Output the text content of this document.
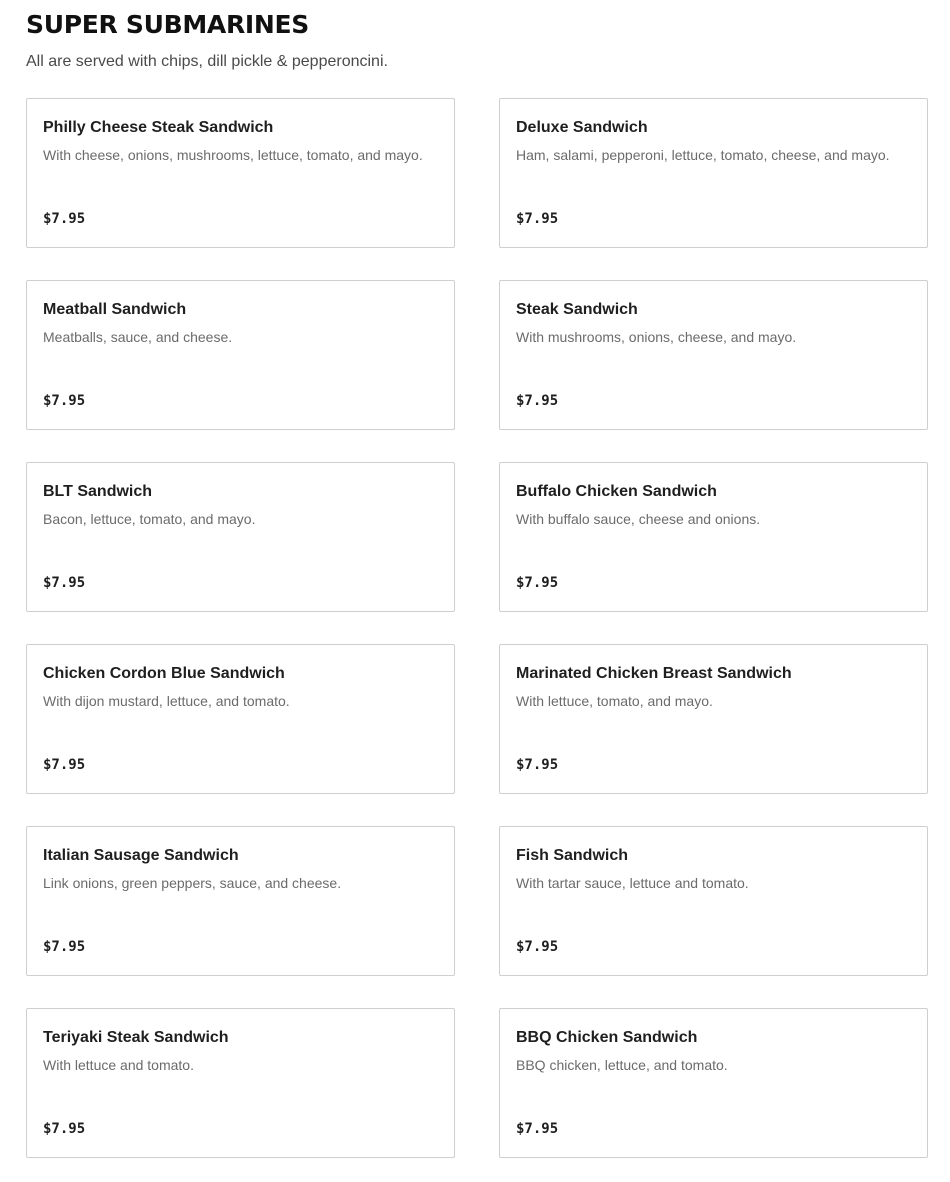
SUPER SUBMARINES

All are served with chips, dill pickle & pepperoncini.

Philly Cheese Steak Sandwich
With cheese, onions, mushrooms, lettuce, tomato, and mayo.
$7.95
Deluxe Sandwich
Ham, salami, pepperoni, lettuce, tomato, cheese, and mayo.
$7.95
Meatball Sandwich
Meatballs, sauce, and cheese.
$7.95
Steak Sandwich
With mushrooms, onions, cheese, and mayo.
$7.95
BLT Sandwich
Bacon, lettuce, tomato, and mayo.
$7.95
Buffalo Chicken Sandwich
With buffalo sauce, cheese and onions.
$7.95
Chicken Cordon Blue Sandwich
With dijon mustard, lettuce, and tomato.
$7.95
Marinated Chicken Breast Sandwich
With lettuce, tomato, and mayo.
$7.95
Italian Sausage Sandwich
Link onions, green peppers, sauce, and cheese.
$7.95
Fish Sandwich
With tartar sauce, lettuce and tomato.
$7.95
Teriyaki Steak Sandwich
With lettuce and tomato.
$7.95
BBQ Chicken Sandwich
BBQ chicken, lettuce, and tomato.
$7.95
